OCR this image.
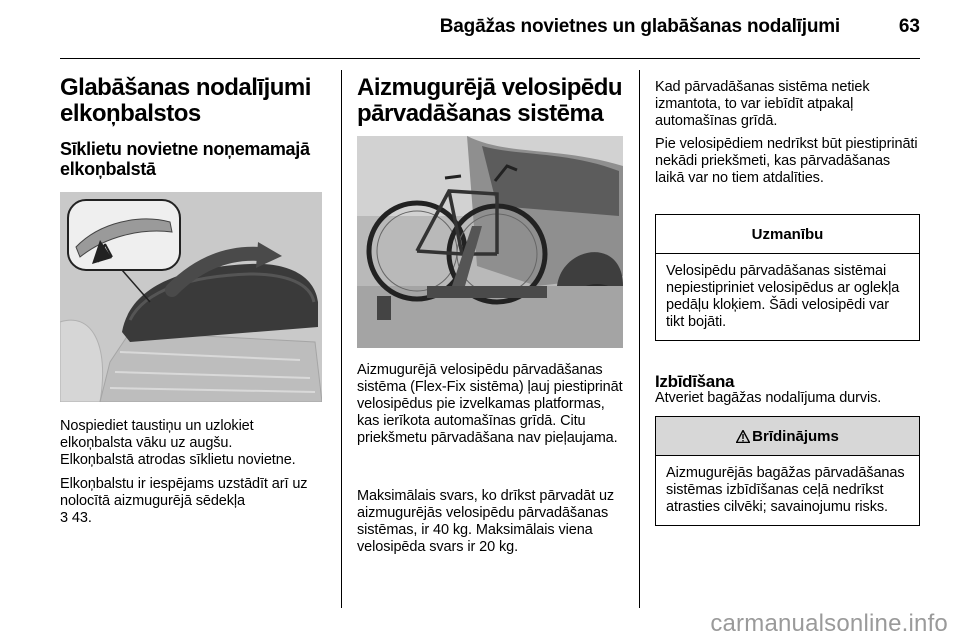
Bagāžas novietnes un glabāšanas nodalījumi	63
Glabāšanas nodalījumi elkoņbalstos
Sīklietu novietne noņemamajā elkoņbalstā

Nospiediet taustiņu un uzlokiet elkoņbalsta vāku uz augšu.
Elkoņbalstā atrodas sīklietu novietne.

Elkoņbalstu ir iespējams uzstādīt arī uz nolocītā aizmugurējā sēdekļa
3 43.

Aizmugurējā velosipēdu pārvadāšanas sistēma

Aizmugurējā velosipēdu pārvadāšanas sistēma (Flex-Fix sistēma) ļauj piestiprināt velosipēdus pie izvelkamas platformas, kas ierīkota automašīnas grīdā. Citu priekšmetu pārvadāšana nav pieļaujama.

Maksimālais svars, ko drīkst pārvadāt uz aizmugurējās velosipēdu pārvadāšanas sistēmas, ir 40 kg. Maksimālais viena velosipēda svars ir 20 kg.

Kad pārvadāšanas sistēma netiek izmantota, to var iebīdīt atpakaļ automašīnas grīdā.

Pie velosipēdiem nedrīkst būt piestiprināti nekādi priekšmeti, kas pārvadāšanas laikā var no tiem atdalīties.

Uzmanību

Velosipēdu pārvadāšanas sistēmai nepiestipriniet velosipēdus ar oglekļa pedāļu kloķiem. Šādi velosipēdi var tikt bojāti.

Izbīdīšana

Atveriet bagāžas nodalījuma durvis.

Brīdinājums

Aizmugurējās bagāžas pārvadāšanas sistēmas izbīdīšanas ceļā nedrīkst atrasties cilvēki; savainojumu risks.

carmanualsonline.info
